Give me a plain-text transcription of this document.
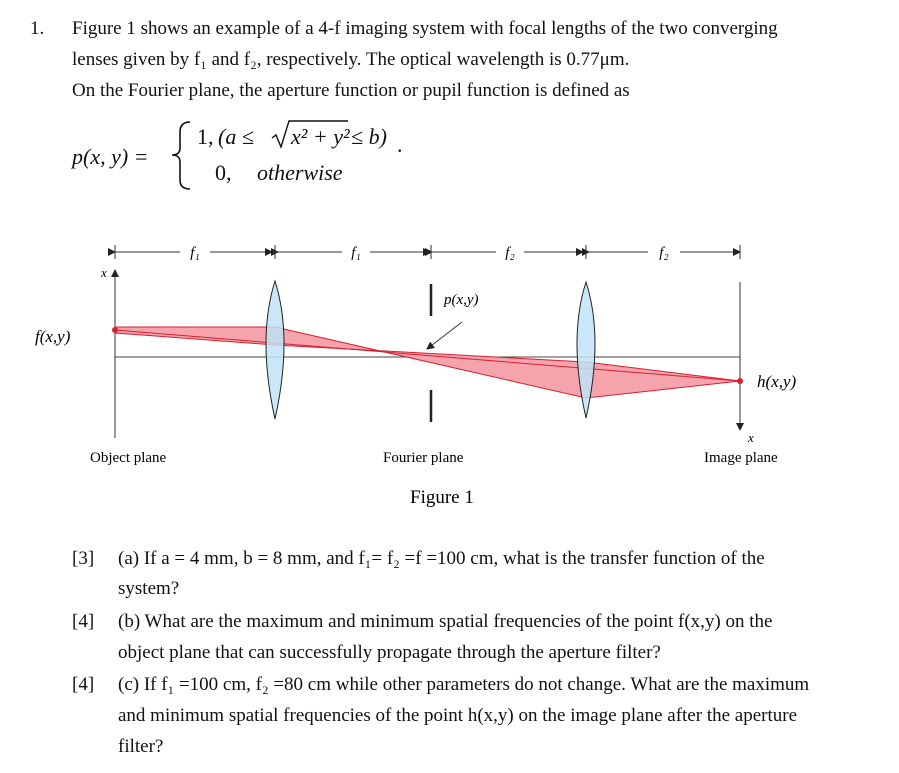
1. Figure 1 shows an example of a 4-f imaging system with focal lengths of the two converging
lenses given by f₁ and f₂, respectively. The optical wavelength is 0.77μm.
On the Fourier plane, the aperture function or pupil function is defined as
p(x, y) =
1, (a ≤ x² + y² ≤ b) .
0, otherwise
f₁	f₁	f₂	f₂
x
x
p(x,y)
f(x,y)
h(x,y)
Object plane	Fourier plane	Image plane
Figure 1
[3] (a) If a = 4 mm, b = 8 mm, and f₁= f₂ =f =100 cm, what is the transfer function of the
system?
[4] (b) What are the maximum and minimum spatial frequencies of the point f(x,y) on the
object plane that can successfully propagate through the aperture filter?
[4] (c) If f₁ =100 cm, f₂ =80 cm while other parameters do not change. What are the maximum
and minimum spatial frequencies of the point h(x,y) on the image plane after the aperture
filter?
